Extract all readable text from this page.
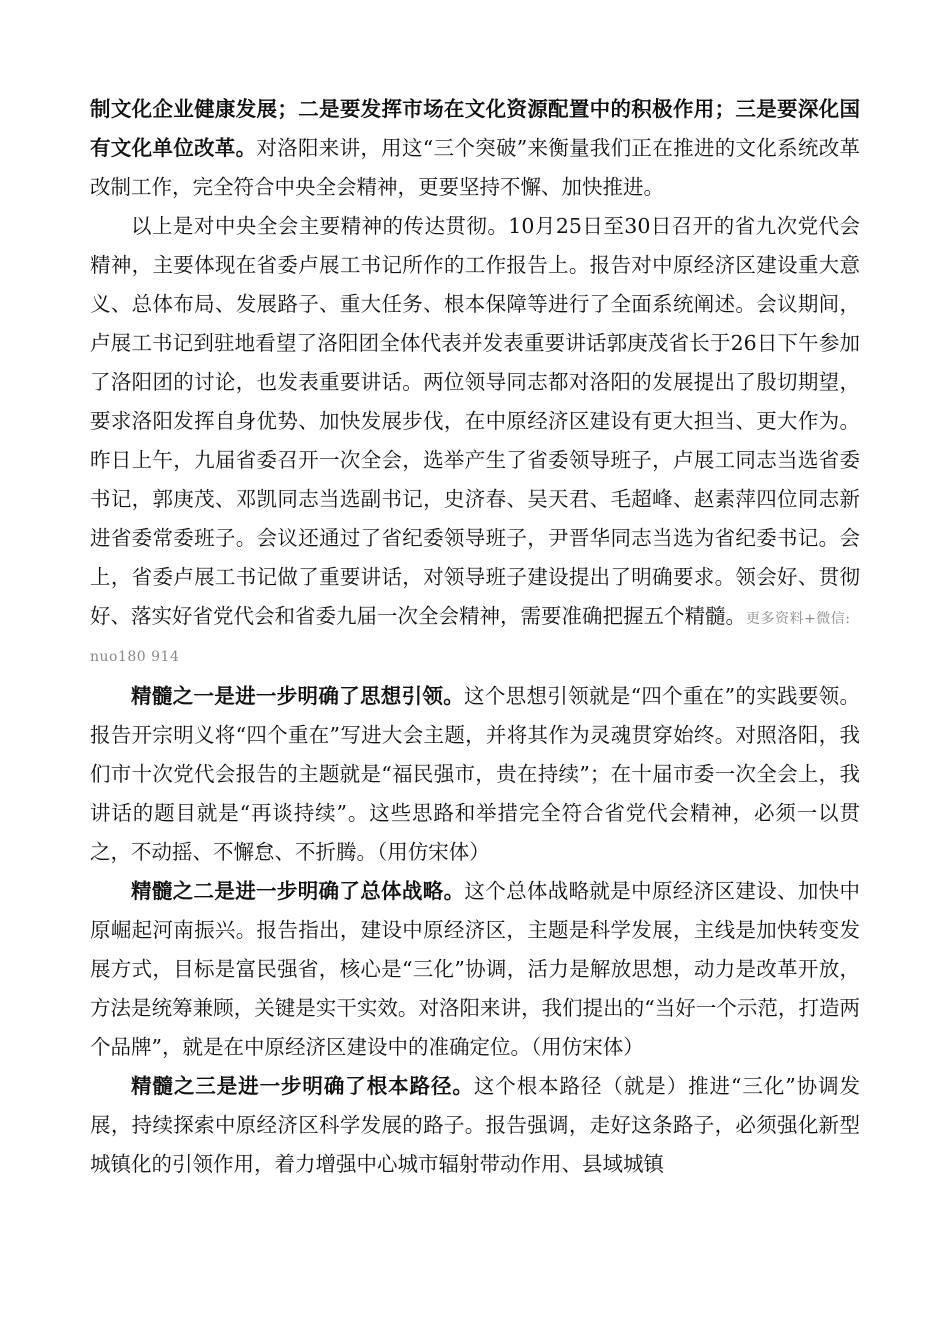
制文化企业健康发展；二是要发挥市场在文化资源配置中的积极作用；三是要深化国有文化单位改革。对洛阳来讲，用这“三个突破”来衡量我们正在推进的文化系统改革改制工作，完全符合中央全会精神，更要坚持不懈、加快推进。

以上是对中央全会主要精神的传达贯彻。10月25日至30日召开的省九次党代会精神，主要体现在省委卢展工书记所作的工作报告上。报告对中原经济区建设重大意义、总体布局、发展路子、重大任务、根本保障等进行了全面系统阐述。会议期间，卢展工书记到驻地看望了洛阳团全体代表并发表重要讲话郭庚茂省长于26日下午参加了洛阳团的讨论，也发表重要讲话。两位领导同志都对洛阳的发展提出了殷切期望，要求洛阳发挥自身优势、加快发展步伐，在中原经济区建设有更大担当、更大作为。昨日上午，九届省委召开一次全会，选举产生了省委领导班子，卢展工同志当选省委书记，郭庚茂、邓凯同志当选副书记，史济春、吴天君、毛超峰、赵素萍四位同志新进省委常委班子。会议还通过了省纪委领导班子，尹晋华同志当选为省纪委书记。会上，省委卢展工书记做了重要讲话，对领导班子建设提出了明确要求。领会好、贯彻好、落实好省党代会和省委九届一次全会精神，需要准确把握五个精髓。更多资料+微信:

nuo180 914

精髓之一是进一步明确了思想引领。这个思想引领就是“四个重在”的实践要领。报告开宗明义将“四个重在”写进大会主题，并将其作为灵魂贯穿始终。对照洛阳，我们市十次党代会报告的主题就是“福民强市，贵在持续”；在十届市委一次全会上，我讲话的题目就是“再谈持续”。这些思路和举措完全符合省党代会精神，必须一以贯之，不动摇、不懈怠、不折腾。（用仿宋体）

精髓之二是进一步明确了总体战略。这个总体战略就是中原经济区建设、加快中原崛起河南振兴。报告指出，建设中原经济区，主题是科学发展，主线是加快转变发展方式，目标是富民强省，核心是“三化”协调，活力是解放思想，动力是改革开放，方法是统筹兼顾，关键是实干实效。对洛阳来讲，我们提出的“当好一个示范，打造两个品牌”，就是在中原经济区建设中的准确定位。（用仿宋体）

精髓之三是进一步明确了根本路径。这个根本路径（就是）推进“三化”协调发展，持续探索中原经济区科学发展的路子。报告强调，走好这条路子，必须强化新型城镇化的引领作用，着力增强中心城市辐射带动作用、县域城镇
